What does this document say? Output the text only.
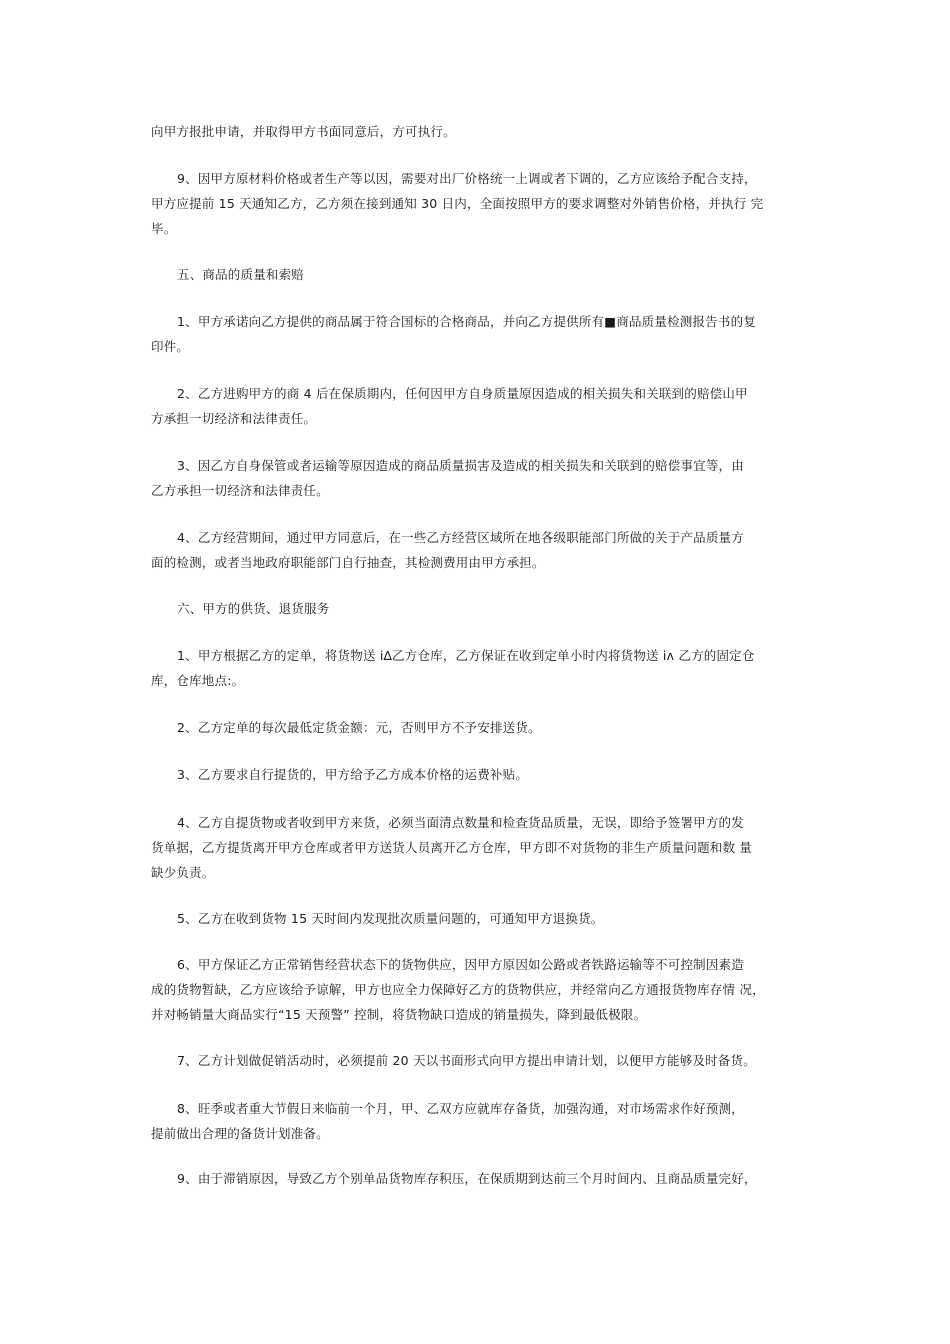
向甲方报批申请，并取得甲方书面同意后，方可执行。

9、因甲方原材料价格或者生产等以因，需要对出厂价格统一上调或者下调的，乙方应该给予配合支持，
甲方应提前 15 天通知乙方，乙方须在接到通知 30 日内，全面按照甲方的要求调整对外销售价格，并执行 完
毕。

五、商品的质量和索赔

1、甲方承诺向乙方提供的商品属于符合国标的合格商品，并向乙方提供所有■商品质量检测报告书的复
印件。

2、乙方进购甲方的商 4 后在保质期内，任何因甲方自身质量原因造成的相关损失和关联到的赔偿山甲
方承担一切经济和法律责任。

3、因乙方自身保管或者运输等原因造成的商品质量损害及造成的相关损失和关联到的赔偿事宜等，由
乙方承担一切经济和法律责任。

4、乙方经营期间，通过甲方同意后，在一些乙方经营区域所在地各级职能部门所做的关于产品质量方
面的检测，或者当地政府职能部门自行抽查，其检测费用由甲方承担。

六、甲方的供货、退货服务

1、甲方根据乙方的定单，将货物送 i∆乙方仓库，乙方保证在收到定单小时内将货物送 iʌ 乙方的固定仓
库，仓库地点:。

2、乙方定单的每次最低定货金额：元，否则甲方不予安排送货。

3、乙方要求自行提货的，甲方给予乙方成本价格的运费补贴。

4、乙方自提货物或者收到甲方来货，必须当面清点数量和检查货品质量，无误，即给予签署甲方的发
货单据，乙方提货离开甲方仓库或者甲方送货人员离开乙方仓库，甲方即不对货物的非生产质量问题和数 量
缺少负责。

5、乙方在收到货物 15 天时间内发现批次质量问题的，可通知甲方退换货。

6、甲方保证乙方正常销售经营状态下的货物供应，因甲方原因如公路或者铁路运输等不可控制因素造
成的货物暂缺，乙方应该给予谅解，甲方也应全力保障好乙方的货物供应，并经常向乙方通报货物库存情 况，
并对畅销量大商品实行“15 天预警” 控制，将货物缺口造成的销量损失，降到最低极限。

7、乙方计划做促销活动时，必须提前 20 天以书面形式向甲方提出申请计划，以便甲方能够及时备货。

8、旺季或者重大节假日来临前一个月，甲、乙双方应就库存备货，加强沟通，对市场需求作好预测，
提前做出合理的备货计划准备。

9、由于滞销原因，导致乙方个别单品货物库存积压，在保质期到达前三个月时间内、且商品质量完好，
